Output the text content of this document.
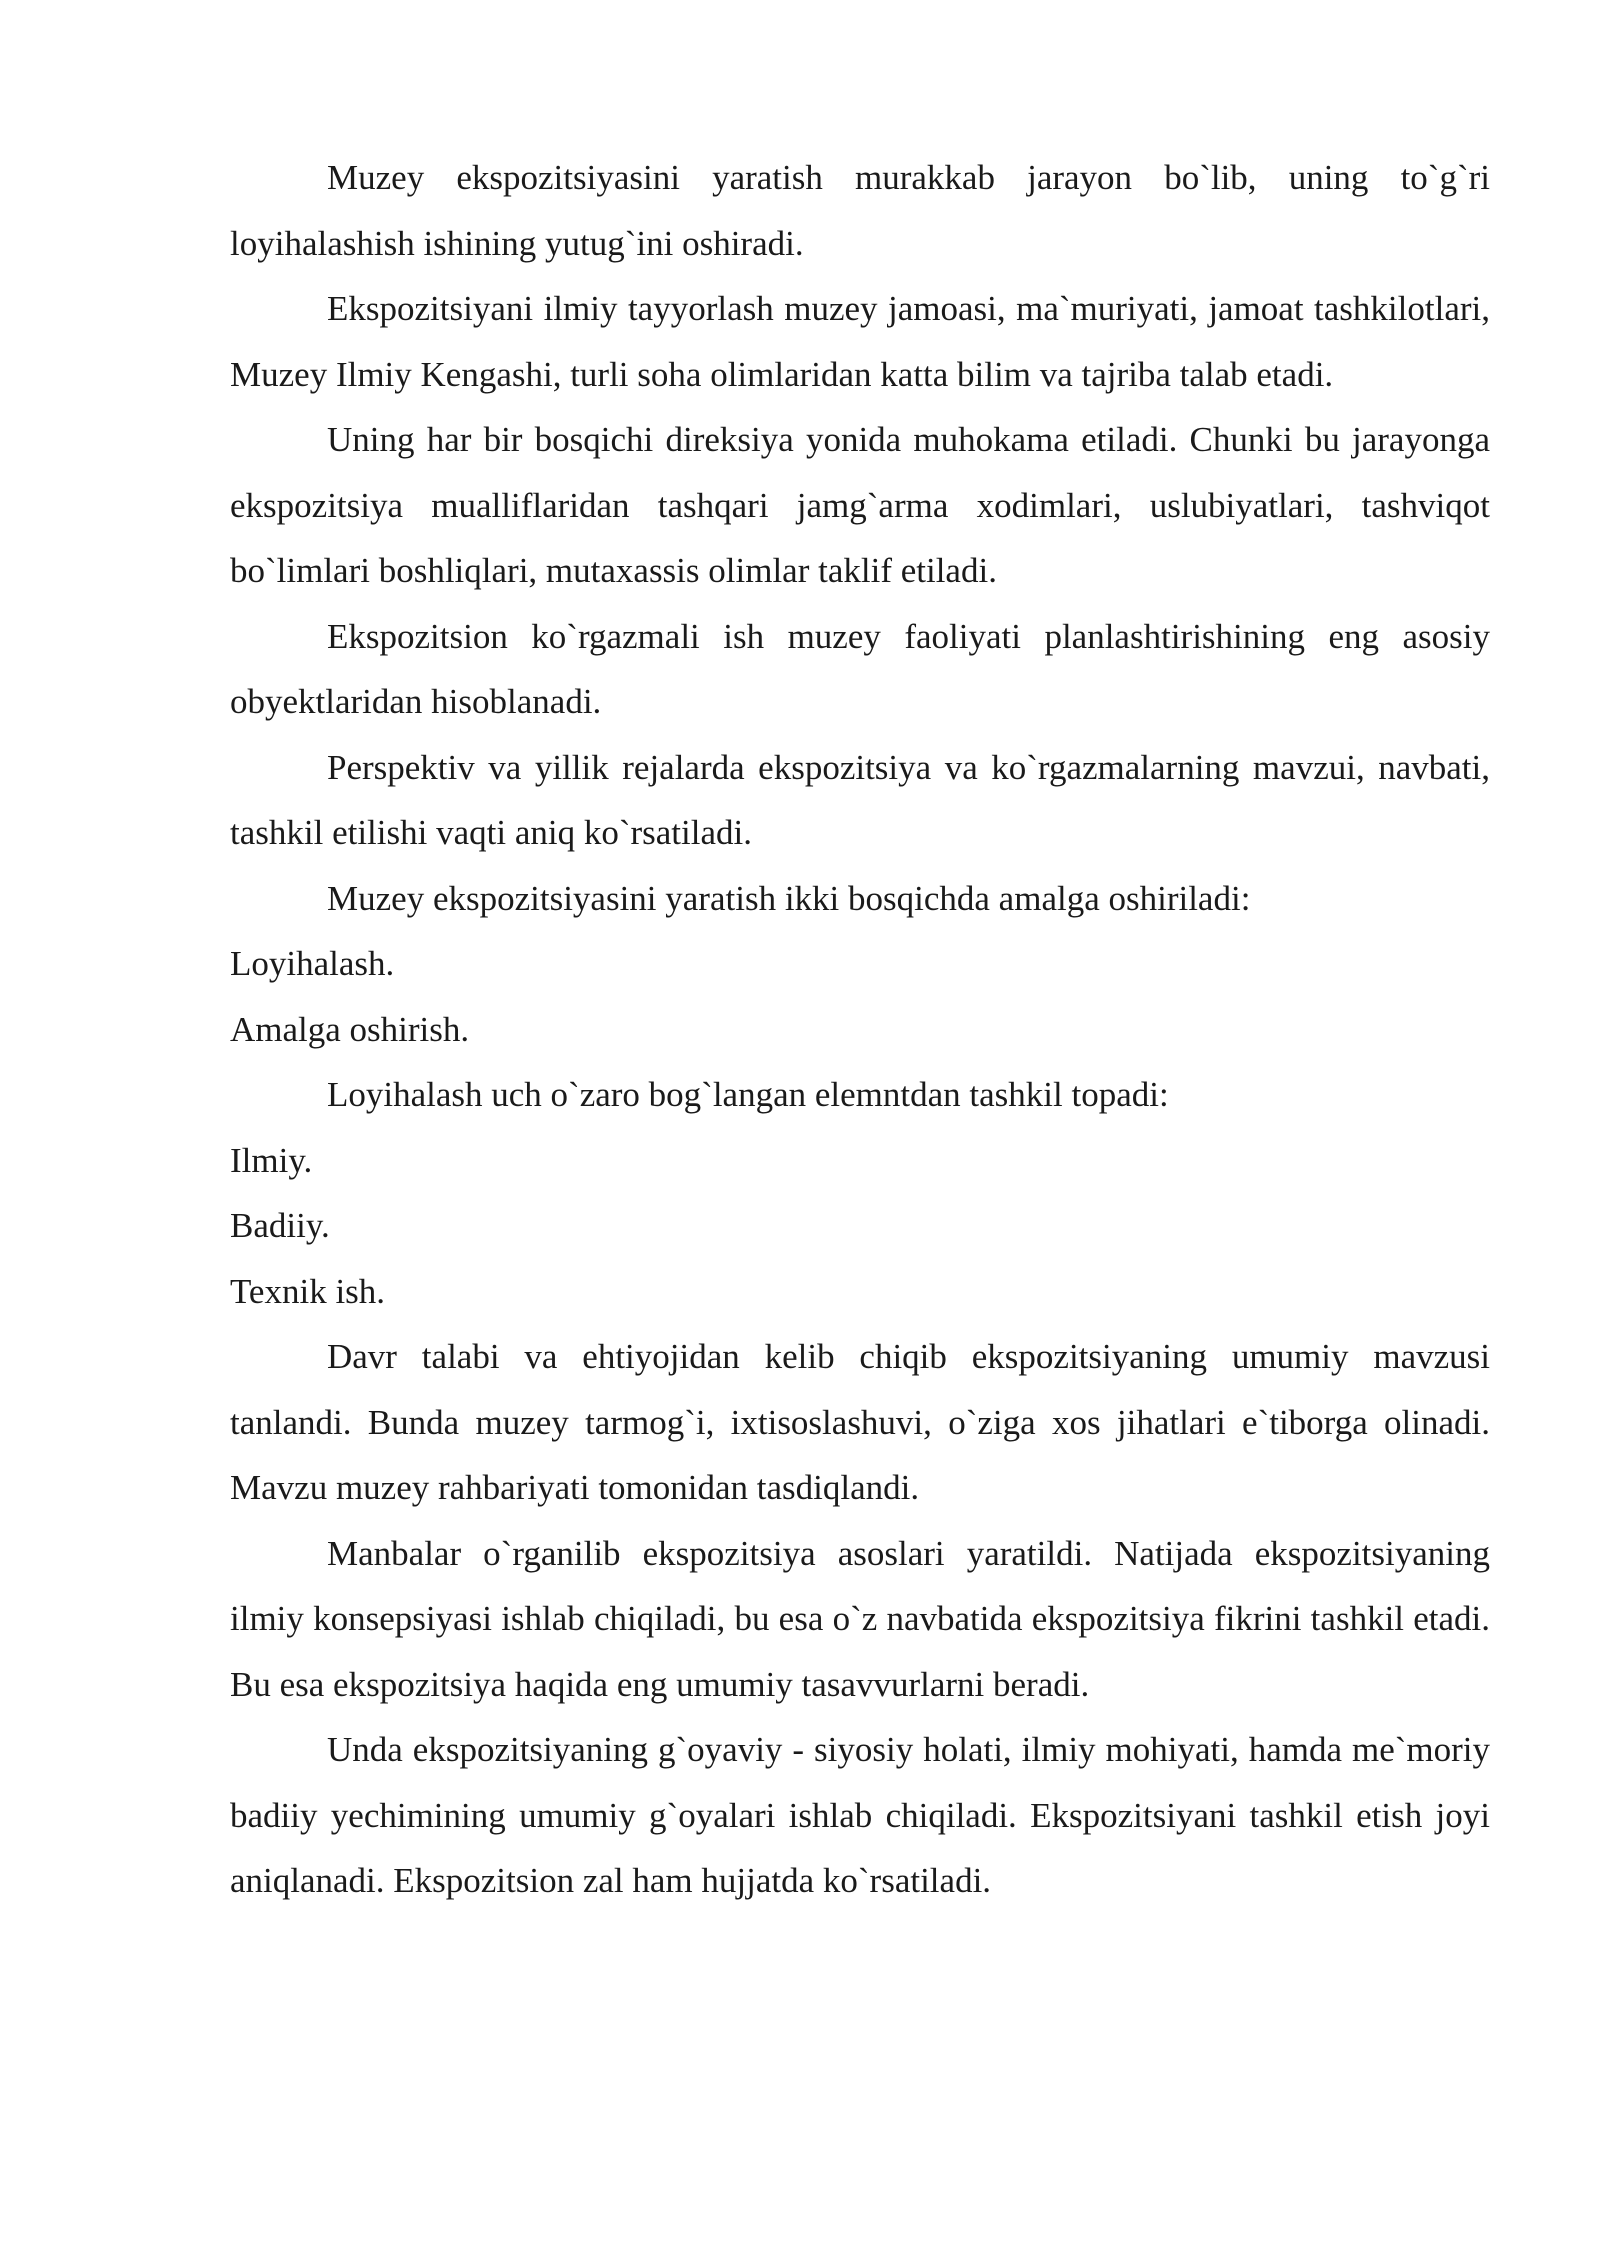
Muzey ekspozitsiyasini yaratish murakkab jarayon bo`lib, uning to`g`ri loyihalashish ishining yutug`ini oshiradi.

Ekspozitsiyani ilmiy tayyorlash muzey jamoasi, ma`muriyati, jamoat tashkilotlari, Muzey Ilmiy Kengashi, turli soha olimlaridan katta bilim va tajriba talab etadi.

Uning har bir bosqichi direksiya yonida muhokama etiladi. Chunki bu jarayonga ekspozitsiya mualliflaridan tashqari jamg`arma xodimlari, uslubiyatlari, tashviqot bo`limlari boshliqlari, mutaxassis olimlar taklif etiladi.

Ekspozitsion ko`rgazmali ish muzey faoliyati planlashtirishining eng asosiy obyektlaridan hisoblanadi.

Perspektiv va yillik rejalarda ekspozitsiya va ko`rgazmalarning mavzui, navbati, tashkil etilishi vaqti aniq ko`rsatiladi.

Muzey ekspozitsiyasini yaratish ikki bosqichda amalga oshiriladi:

Loyihalash.

Amalga oshirish.

Loyihalash uch o`zaro bog`langan elemntdan tashkil topadi:

Ilmiy.

Badiiy.

Texnik ish.

Davr talabi va ehtiyojidan kelib chiqib ekspozitsiyaning umumiy mavzusi tanlandi. Bunda muzey tarmog`i, ixtisoslashuvi, o`ziga xos jihatlari e`tiborga olinadi. Mavzu muzey rahbariyati tomonidan tasdiqlandi.

Manbalar o`rganilib ekspozitsiya asoslari yaratildi. Natijada ekspozitsiyaning ilmiy konsepsiyasi ishlab chiqiladi, bu esa o`z navbatida ekspozitsiya fikrini tashkil etadi. Bu esa ekspozitsiya haqida eng umumiy tasavvurlarni beradi.

Unda ekspozitsiyaning g`oyaviy - siyosiy holati, ilmiy mohiyati, hamda me`moriy badiiy yechimining umumiy g`oyalari ishlab chiqiladi. Ekspozitsiyani tashkil etish joyi aniqlanadi. Ekspozitsion zal ham hujjatda ko`rsatiladi.
